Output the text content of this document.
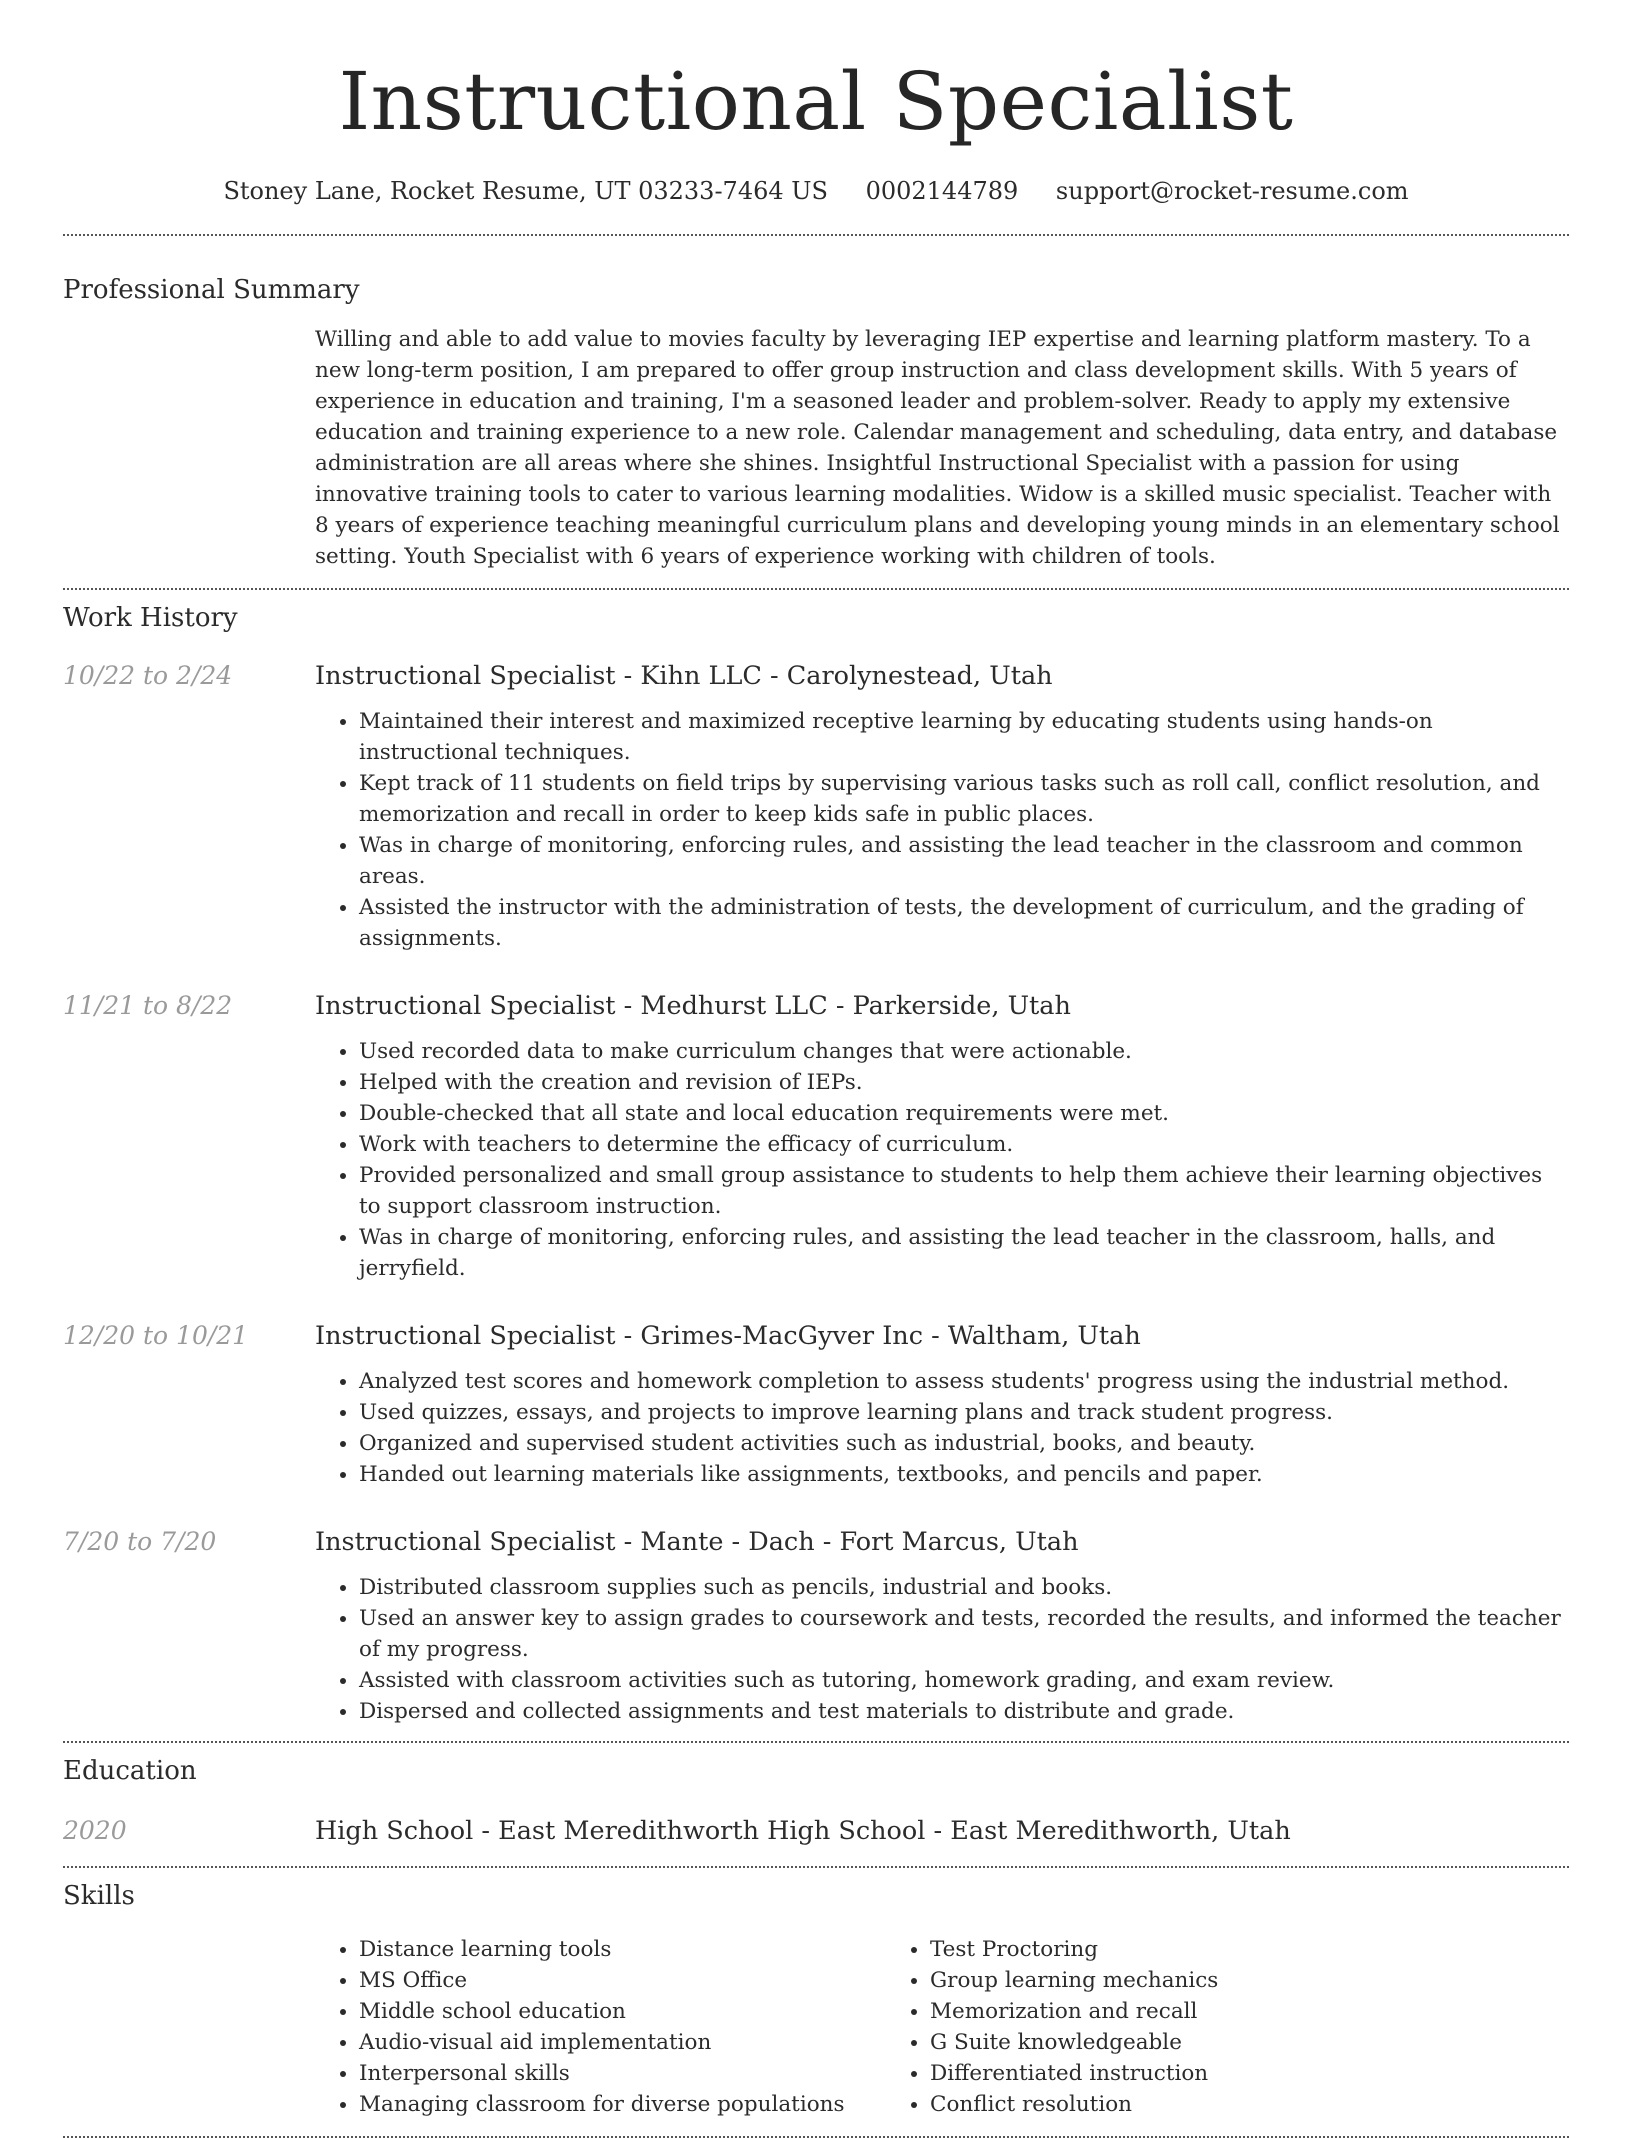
Instructional Specialist
Stoney Lane, Rocket Resume, UT 03233-7464 US 0002144789 support@rocket-resume.com
Professional Summary
Willing and able to add value to movies faculty by leveraging IEP expertise and learning platform mastery. To a new long-term position, I am prepared to offer group instruction and class development skills. With 5 years of experience in education and training, I'm a seasoned leader and problem-solver. Ready to apply my extensive education and training experience to a new role. Calendar management and scheduling, data entry, and database administration are all areas where she shines. Insightful Instructional Specialist with a passion for using innovative training tools to cater to various learning modalities. Widow is a skilled music specialist. Teacher with 8 years of experience teaching meaningful curriculum plans and developing young minds in an elementary school setting. Youth Specialist with 6 years of experience working with children of tools.
Work History
10/22 to 2/24	Instructional Specialist - Kihn LLC - Carolynestead, Utah
• Maintained their interest and maximized receptive learning by educating students using hands-on instructional techniques.
• Kept track of 11 students on field trips by supervising various tasks such as roll call, conflict resolution, and memorization and recall in order to keep kids safe in public places.
• Was in charge of monitoring, enforcing rules, and assisting the lead teacher in the classroom and common areas.
• Assisted the instructor with the administration of tests, the development of curriculum, and the grading of assignments.
11/21 to 8/22	Instructional Specialist - Medhurst LLC - Parkerside, Utah
• Used recorded data to make curriculum changes that were actionable.
• Helped with the creation and revision of IEPs.
• Double-checked that all state and local education requirements were met.
• Work with teachers to determine the efficacy of curriculum.
• Provided personalized and small group assistance to students to help them achieve their learning objectives to support classroom instruction.
• Was in charge of monitoring, enforcing rules, and assisting the lead teacher in the classroom, halls, and jerryfield.
12/20 to 10/21	Instructional Specialist - Grimes-MacGyver Inc - Waltham, Utah
• Analyzed test scores and homework completion to assess students' progress using the industrial method.
• Used quizzes, essays, and projects to improve learning plans and track student progress.
• Organized and supervised student activities such as industrial, books, and beauty.
• Handed out learning materials like assignments, textbooks, and pencils and paper.
7/20 to 7/20	Instructional Specialist - Mante - Dach - Fort Marcus, Utah
• Distributed classroom supplies such as pencils, industrial and books.
• Used an answer key to assign grades to coursework and tests, recorded the results, and informed the teacher of my progress.
• Assisted with classroom activities such as tutoring, homework grading, and exam review.
• Dispersed and collected assignments and test materials to distribute and grade.
Education
2020	High School - East Meredithworth High School - East Meredithworth, Utah
Skills
• Distance learning tools
• MS Office
• Middle school education
• Audio-visual aid implementation
• Interpersonal skills
• Managing classroom for diverse populations
• Test Proctoring
• Group learning mechanics
• Memorization and recall
• G Suite knowledgeable
• Differentiated instruction
• Conflict resolution
